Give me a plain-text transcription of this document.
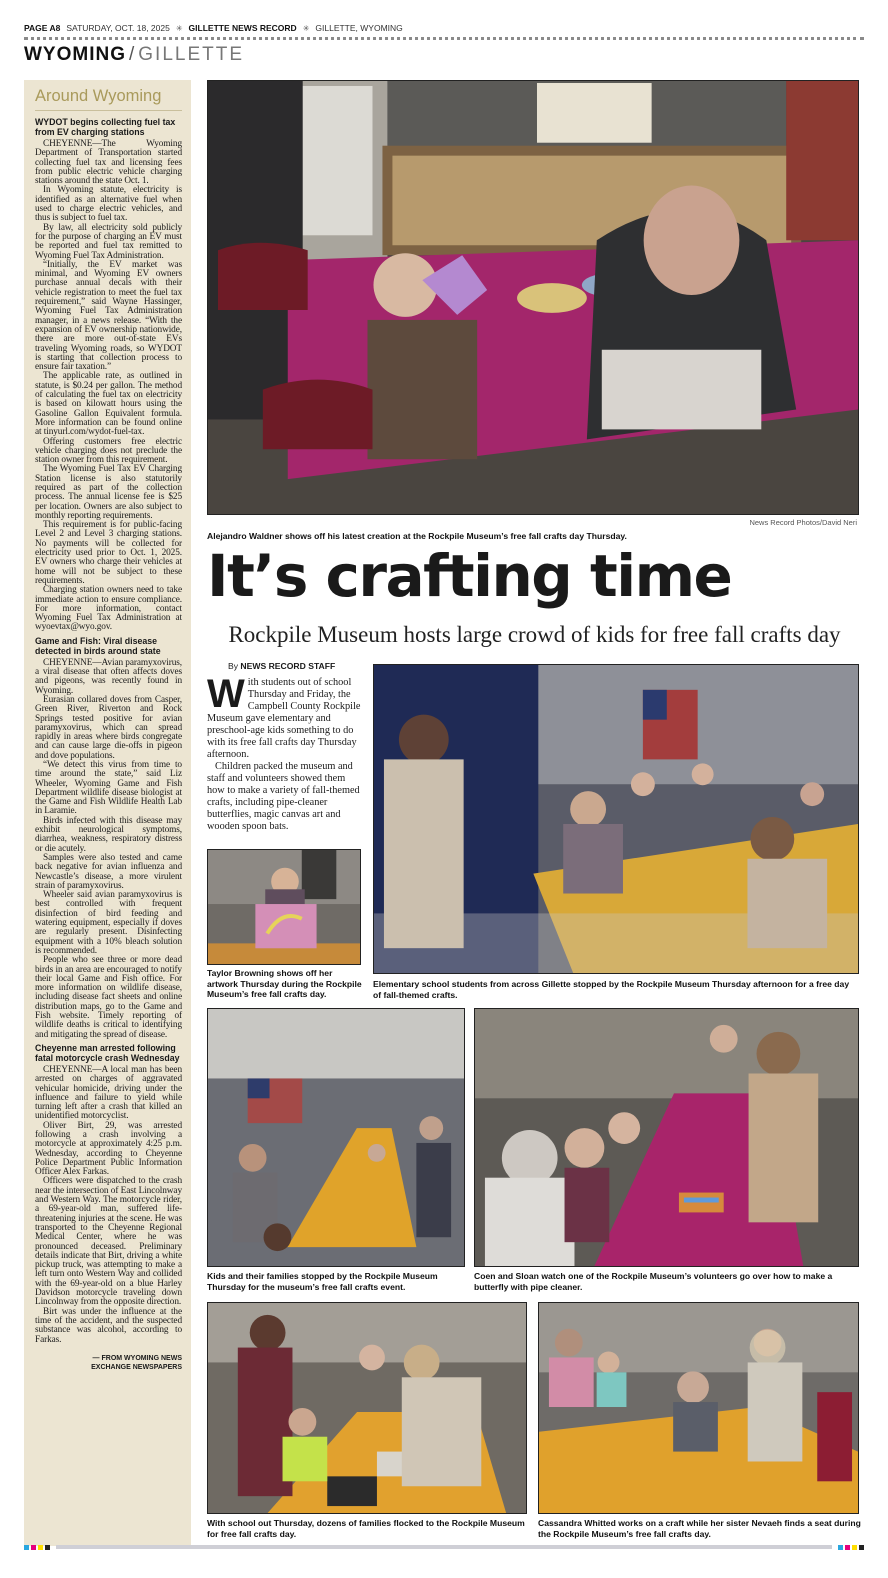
PAGE A8 SATURDAY, OCT. 18, 2025 ✳ GILLETTE NEWS RECORD ✳ GILLETTE, WYOMING
WYOMING / GILLETTE
Around Wyoming
WYDOT begins collecting fuel tax from EV charging stations

CHEYENNE—The Wyoming Department of Transportation started collecting fuel tax and licensing fees from public electric vehicle charging stations around the state Oct. 1.

In Wyoming statute, electricity is identified as an alternative fuel when used to charge electric vehicles, and thus is subject to fuel tax.

By law, all electricity sold publicly for the purpose of charging an EV must be reported and fuel tax remitted to Wyoming Fuel Tax Administration.

“Initially, the EV market was minimal, and Wyoming EV owners purchase annual decals with their vehicle registration to meet the fuel tax requirement,” said Wayne Hassinger, Wyoming Fuel Tax Administration manager, in a news release. “With the expansion of EV ownership nationwide, there are more out-of-state EVs traveling Wyoming roads, so WYDOT is starting that collection process to ensure fair taxation.”

The applicable rate, as outlined in statute, is $0.24 per gallon. The method of calculating the fuel tax on electricity is based on kilowatt hours using the Gasoline Gallon Equivalent formula. More information can be found online at tinyurl.com/wydot-fuel-tax.

Offering customers free electric vehicle charging does not preclude the station owner from this requirement.

The Wyoming Fuel Tax EV Charging Station license is also statutorily required as part of the collection process. The annual license fee is $25 per location. Owners are also subject to monthly reporting requirements.

This requirement is for public-facing Level 2 and Level 3 charging stations. No payments will be collected for electricity used prior to Oct. 1, 2025. EV owners who charge their vehicles at home will not be subject to these requirements.

Charging station owners need to take immediate action to ensure compliance. For more information, contact Wyoming Fuel Tax Administration at wyoevtax@wyo.gov.

Game and Fish: Viral disease detected in birds around state

CHEYENNE—Avian paramyxovirus, a viral disease that often affects doves and pigeons, was recently found in Wyoming.

Eurasian collared doves from Casper, Green River, Riverton and Rock Springs tested positive for avian paramyxovirus, which can spread rapidly in areas where birds congregate and can cause large die-offs in pigeon and dove populations.

“We detect this virus from time to time around the state,” said Liz Wheeler, Wyoming Game and Fish Department wildlife disease biologist at the Game and Fish Wildlife Health Lab in Laramie.

Birds infected with this disease may exhibit neurological symptoms, diarrhea, weakness, respiratory distress or die acutely.

Samples were also tested and came back negative for avian influenza and Newcastle’s disease, a more virulent strain of paramyxovirus.

Wheeler said avian paramyxovirus is best controlled with frequent disinfection of bird feeding and watering equipment, especially if doves are regularly present. Disinfecting equipment with a 10% bleach solution is recommended.

People who see three or more dead birds in an area are encouraged to notify their local Game and Fish office. For more information on wildlife disease, including disease fact sheets and online distribution maps, go to the Game and Fish website. Timely reporting of wildlife deaths is critical to identifying and mitigating the spread of disease.

Cheyenne man arrested following fatal motorcycle crash Wednesday

CHEYENNE—A local man has been arrested on charges of aggravated vehicular homicide, driving under the influence and failure to yield while turning left after a crash that killed an unidentified motorcyclist.

Oliver Birt, 29, was arrested following a crash involving a motorcycle at approximately 4:25 p.m. Wednesday, according to Cheyenne Police Department Public Information Officer Alex Farkas.

Officers were dispatched to the crash near the intersection of East Lincolnway and Western Way. The motorcycle rider, a 69-year-old man, suffered life-threatening injuries at the scene. He was transported to the Cheyenne Regional Medical Center, where he was pronounced deceased. Preliminary details indicate that Birt, driving a white pickup truck, was attempting to make a left turn onto Western Way and collided with the 69-year-old on a blue Harley Davidson motorcycle traveling down Lincolnway from the opposite direction.

Birt was under the influence at the time of the accident, and the suspected substance was alcohol, according to Farkas.

— FROM WYOMING NEWS
EXCHANGE NEWSPAPERS
News Record Photos/David Neri
Alejandro Waldner shows off his latest creation at the Rockpile Museum’s free fall crafts day Thursday.
It’s crafting time
Rockpile Museum hosts large crowd of kids for free fall crafts day
By NEWS RECORD STAFF

With students out of school Thursday and Friday, the Campbell County Rockpile Museum gave elementary and preschool-age kids something to do with its free fall crafts day Thursday afternoon.

Children packed the museum and staff and volunteers showed them how to make a variety of fall-themed crafts, including pipe-cleaner butterflies, magic canvas art and wooden spoon bats.

Taylor Browning shows off her artwork Thursday during the Rockpile Museum’s free fall crafts day.
Elementary school students from across Gillette stopped by the Rockpile Museum Thursday afternoon for a free day of fall-themed crafts.
Kids and their families stopped by the Rockpile Museum Thursday for the museum’s free fall crafts event.
Coen and Sloan watch one of the Rockpile Museum’s volunteers go over how to make a butterfly with pipe cleaner.
With school out Thursday, dozens of families flocked to the Rockpile Museum for free fall crafts day.
Cassandra Whitted works on a craft while her sister Nevaeh finds a seat during the Rockpile Museum’s free fall crafts day.
